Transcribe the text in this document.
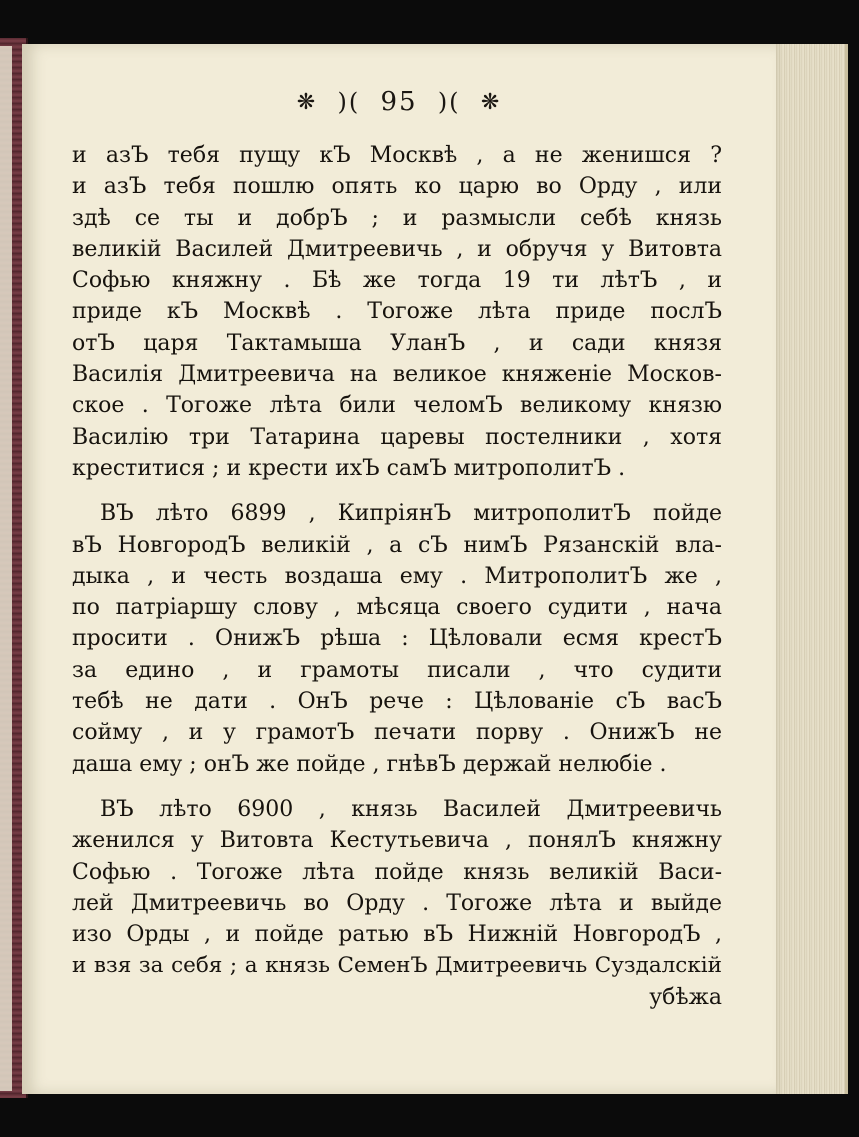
❋ )( 95 )( ❋

и азЪ тебя пущу кЪ Москвѣ , а не женишся ?
и азЪ тебя пошлю опять ко царю во Орду , или
здѣ се ты и добрЪ ; и размысли себѣ князь
великій Василей Дмитреевичь , и обручя у Витовта
Софью княжну . Бѣ же тогда 19 ти лѣтЪ , и
приде кЪ Москвѣ . Тогоже лѣта приде послЪ
отЪ царя Тактамыша УланЪ , и сади князя
Василія Дмитреевича на великое княженіе Москов-
ское . Тогоже лѣта били челомЪ великому князю
Василію три Татарина царевы постелники , хотя
креститися ; и крести ихЪ самЪ митрополитЪ .

ВЪ лѣто 6899 , КипріянЪ митрополитЪ пойде
вЪ НовгородЪ великій , а сЪ нимЪ Рязанскій вла-
дыка , и честь воздаша ему . МитрополитЪ же ,
по патріаршу слову , мѣсяца своего судити , нача
просити . ОнижЪ рѣша : Цѣловали есмя крестЪ
за едино , и грамоты писали , что судити
тебѣ не дати . ОнЪ рече : Цѣлованіе сЪ васЪ
сойму , и у грамотЪ печати порву . ОнижЪ не
даша ему ; онЪ же пойде , гнѣвЪ держай нелюбіе .

ВЪ лѣто 6900 , князь Василей Дмитреевичь
женился у Витовта Кестутьевича , понялЪ княжну
Софью . Тогоже лѣта пойде князь великій Васи-
лей Дмитреевичь во Орду . Тогоже лѣта и выйде
изо Орды , и пойде ратью вЪ Нижній НовгородЪ ,
и взя за себя ; а князь СеменЪ Дмитреевичь Суздалскій
убѣжа
